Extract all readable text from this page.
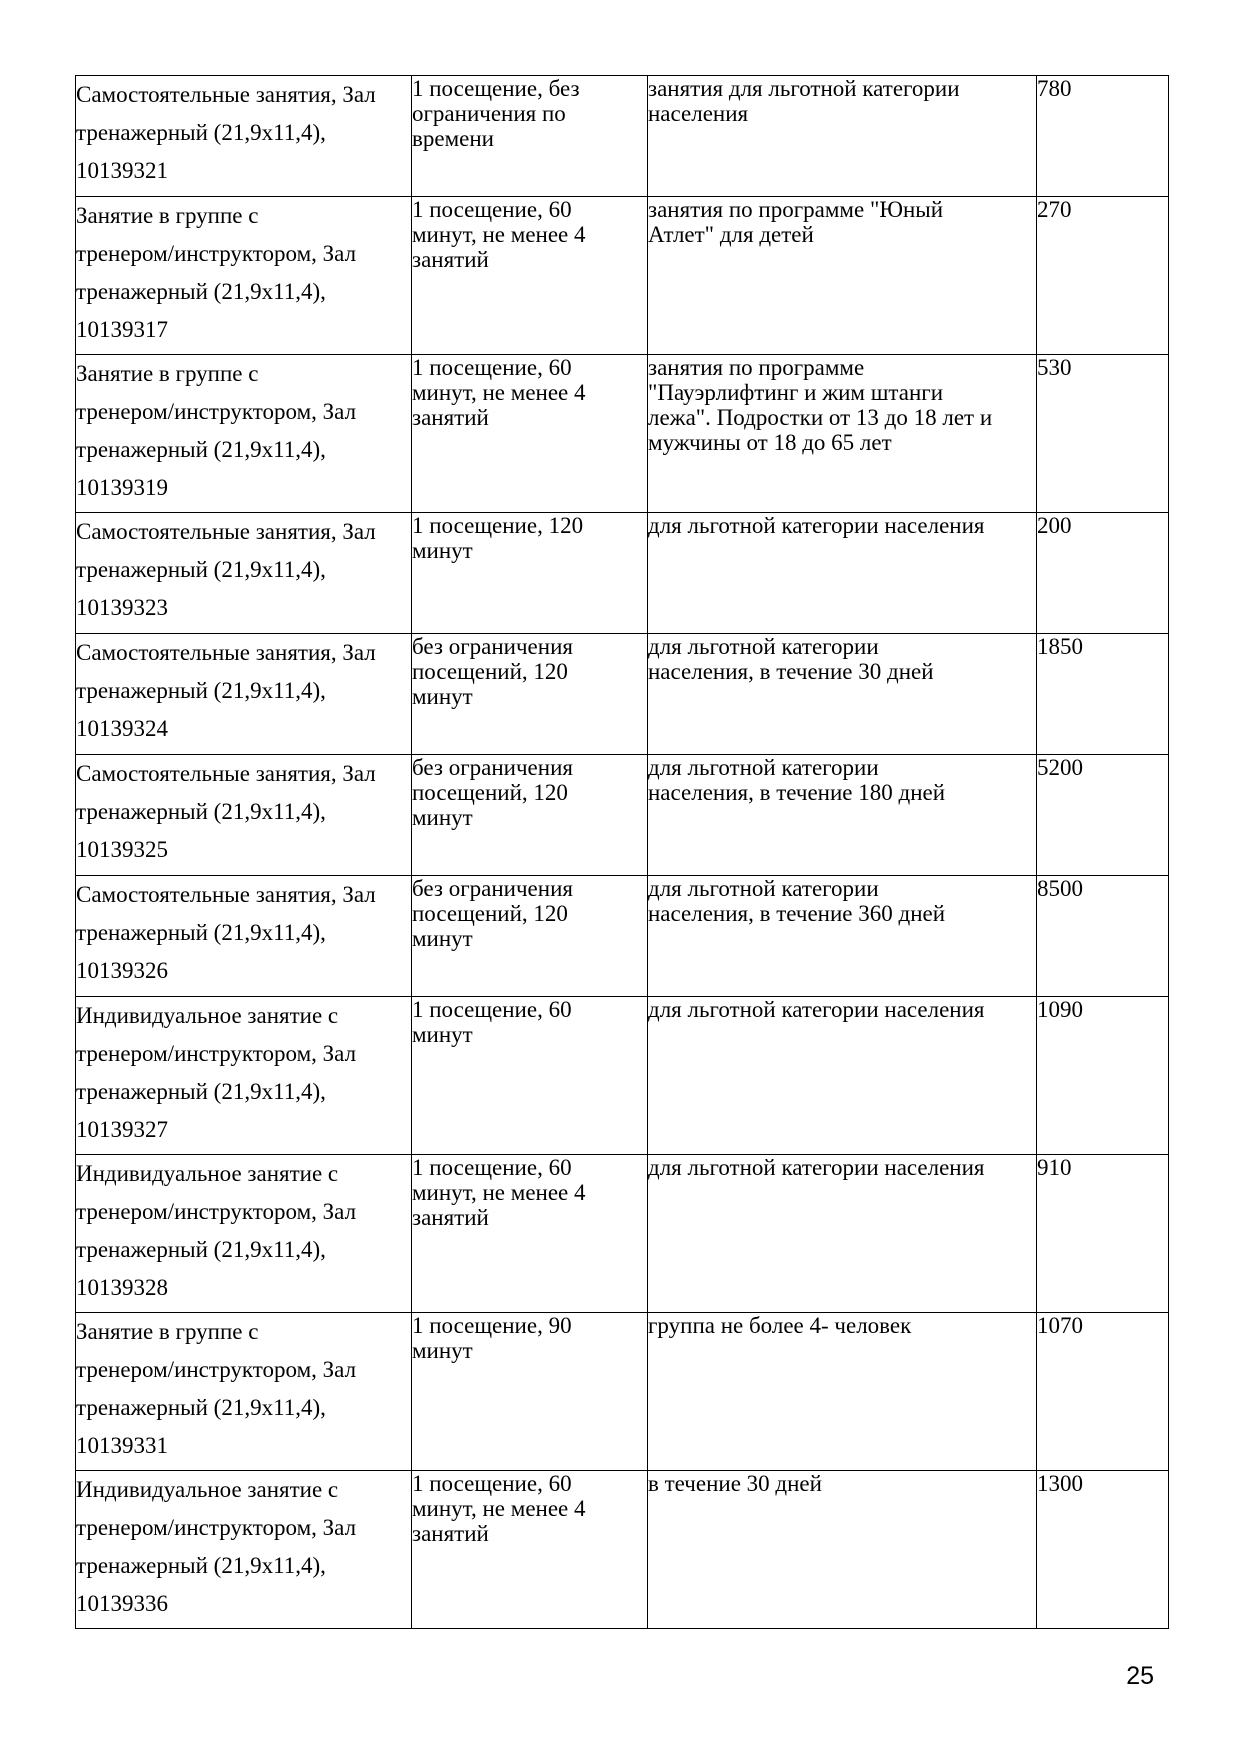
Самостоятельные занятия, Зал
тренажерный (21,9x11,4),
10139321	1 посещение, без
ограничения по
времени	занятия для льготной категории
населения	780

Занятие в группе с
тренером/инструктором, Зал
тренажерный (21,9x11,4),
10139317	1 посещение, 60
минут, не менее 4
занятий	занятия по программе "Юный
Атлет" для детей	270

Занятие в группе с
тренером/инструктором, Зал
тренажерный (21,9x11,4),
10139319	1 посещение, 60
минут, не менее 4
занятий	занятия по программе
"Пауэрлифтинг и жим штанги
лежа". Подростки от 13 до 18 лет и
мужчины от 18 до 65 лет	530

Самостоятельные занятия, Зал
тренажерный (21,9x11,4),
10139323	1 посещение, 120
минут	для льготной категории населения	200

Самостоятельные занятия, Зал
тренажерный (21,9x11,4),
10139324	без ограничения
посещений, 120
минут	для льготной категории
населения, в течение 30 дней	1850

Самостоятельные занятия, Зал
тренажерный (21,9x11,4),
10139325	без ограничения
посещений, 120
минут	для льготной категории
населения, в течение 180 дней	5200

Самостоятельные занятия, Зал
тренажерный (21,9x11,4),
10139326	без ограничения
посещений, 120
минут	для льготной категории
населения, в течение 360 дней	8500

Индивидуальное занятие с
тренером/инструктором, Зал
тренажерный (21,9x11,4),
10139327	1 посещение, 60
минут	для льготной категории населения	1090

Индивидуальное занятие с
тренером/инструктором, Зал
тренажерный (21,9x11,4),
10139328	1 посещение, 60
минут, не менее 4
занятий	для льготной категории населения	910

Занятие в группе с
тренером/инструктором, Зал
тренажерный (21,9x11,4),
10139331	1 посещение, 90
минут	группа не более 4- человек	1070

Индивидуальное занятие с
тренером/инструктором, Зал
тренажерный (21,9x11,4),
10139336	1 посещение, 60
минут, не менее 4
занятий	в течение 30 дней	1300
25
